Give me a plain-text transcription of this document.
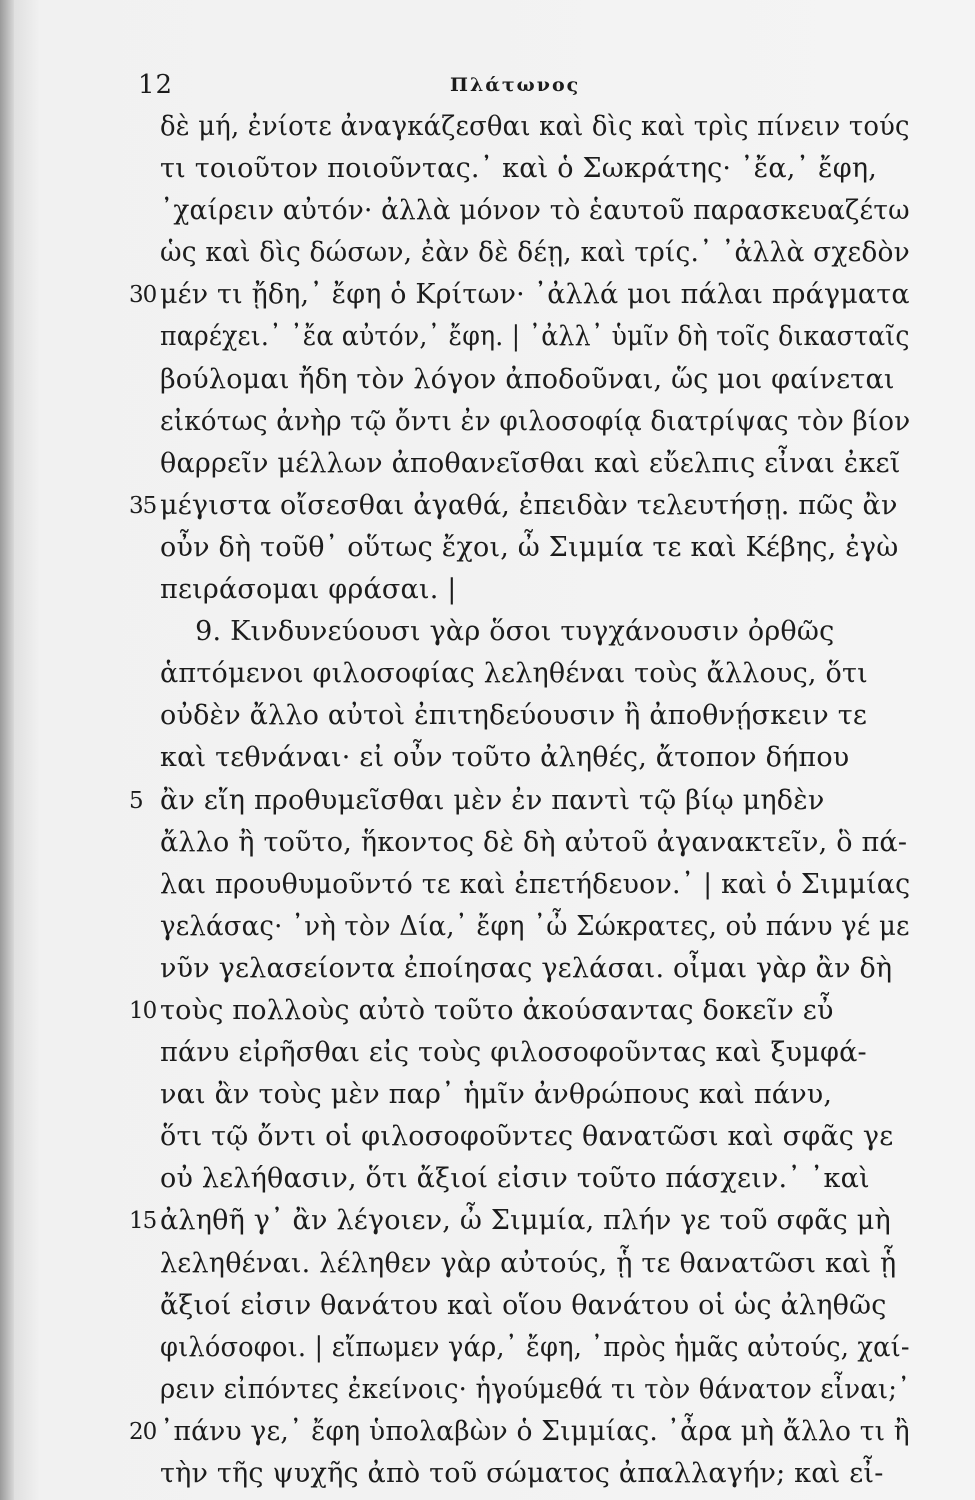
12	Πλάτωνος
δὲ μή, ἐνίοτε ἀναγκάζεσθαι καὶ δὶς καὶ τρὶς πίνειν τούς
τι τοιοῦτον ποιοῦντας.᾿ καὶ ὁ Σωκράτης· ᾿ἔα,᾿ ἔφη,
᾿χαίρειν αὐτόν· ἀλλὰ μόνον τὸ ἑαυτοῦ παρασκευαζέτω
ὡς καὶ δὶς δώσων, ἐὰν δὲ δέῃ, καὶ τρίς.᾿ ᾿ἀλλὰ σχεδὸν
30 μέν τι ᾔδη,᾿ ἔφη ὁ Κρίτων· ᾿ἀλλά μοι πάλαι πράγματα
παρέχει.᾿ ᾿ἔα αὐτόν,᾿ ἔφη. | ᾿ἀλλ᾿ ὑμῖν δὴ τοῖς δικασταῖς
βούλομαι ἤδη τὸν λόγον ἀποδοῦναι, ὥς μοι φαίνεται
εἰκότως ἀνὴρ τῷ ὄντι ἐν φιλοσοφίᾳ διατρίψας τὸν βίον
θαρρεῖν μέλλων ἀποθανεῖσθαι καὶ εὔελπις εἶναι ἐκεῖ
35 μέγιστα οἴσεσθαι ἀγαθά, ἐπειδὰν τελευτήσῃ. πῶς ἂν
οὖν δὴ τοῦθ᾿ οὕτως ἔχοι, ὦ Σιμμία τε καὶ Κέβης, ἐγὼ
πειράσομαι φράσαι. |
9. Κινδυνεύουσι γὰρ ὅσοι τυγχάνουσιν ὀρθῶς
ἁπτόμενοι φιλοσοφίας λεληθέναι τοὺς ἄλλους, ὅτι
οὐδὲν ἄλλο αὐτοὶ ἐπιτηδεύουσιν ἢ ἀποθνῄσκειν τε
καὶ τεθνάναι· εἰ οὖν τοῦτο ἀληθές, ἄτοπον δήπου
5 ἂν εἴη προθυμεῖσθαι μὲν ἐν παντὶ τῷ βίῳ μηδὲν
ἄλλο ἢ τοῦτο, ἥκοντος δὲ δὴ αὐτοῦ ἀγανακτεῖν, ὃ πά-
λαι προυθυμοῦντό τε καὶ ἐπετήδευον.᾿ | καὶ ὁ Σιμμίας
γελάσας· ᾿νὴ τὸν Δία,᾿ ἔφη ᾿ὦ Σώκρατες, οὐ πάνυ γέ με
νῦν γελασείοντα ἐποίησας γελάσαι. οἶμαι γὰρ ἂν δὴ
10 τοὺς πολλοὺς αὐτὸ τοῦτο ἀκούσαντας δοκεῖν εὖ
πάνυ εἰρῆσθαι εἰς τοὺς φιλοσοφοῦντας καὶ ξυμφά-
ναι ἂν τοὺς μὲν παρ᾿ ἡμῖν ἀνθρώπους καὶ πάνυ,
ὅτι τῷ ὄντι οἱ φιλοσοφοῦντες θανατῶσι καὶ σφᾶς γε
οὐ λελήθασιν, ὅτι ἄξιοί εἰσιν τοῦτο πάσχειν.᾿ ᾿καὶ
15 ἀληθῆ γ᾿ ἂν λέγοιεν, ὦ Σιμμία, πλήν γε τοῦ σφᾶς μὴ
λεληθέναι. λέληθεν γὰρ αὐτούς, ᾗ τε θανατῶσι καὶ ᾗ
ἄξιοί εἰσιν θανάτου καὶ οἵου θανάτου οἱ ὡς ἀληθῶς
φιλόσοφοι. | εἴπωμεν γάρ,᾿ ἔφη, ᾿πρὸς ἡμᾶς αὐτούς, χαί-
ρειν εἰπόντες ἐκείνοις· ἡγούμεθά τι τὸν θάνατον εἶναι;᾿
20 ᾿πάνυ γε,᾿ ἔφη ὑπολαβὼν ὁ Σιμμίας. ᾿ἆρα μὴ ἄλλο τι ἢ
τὴν τῆς ψυχῆς ἀπὸ τοῦ σώματος ἀπαλλαγήν; καὶ εἶ-
